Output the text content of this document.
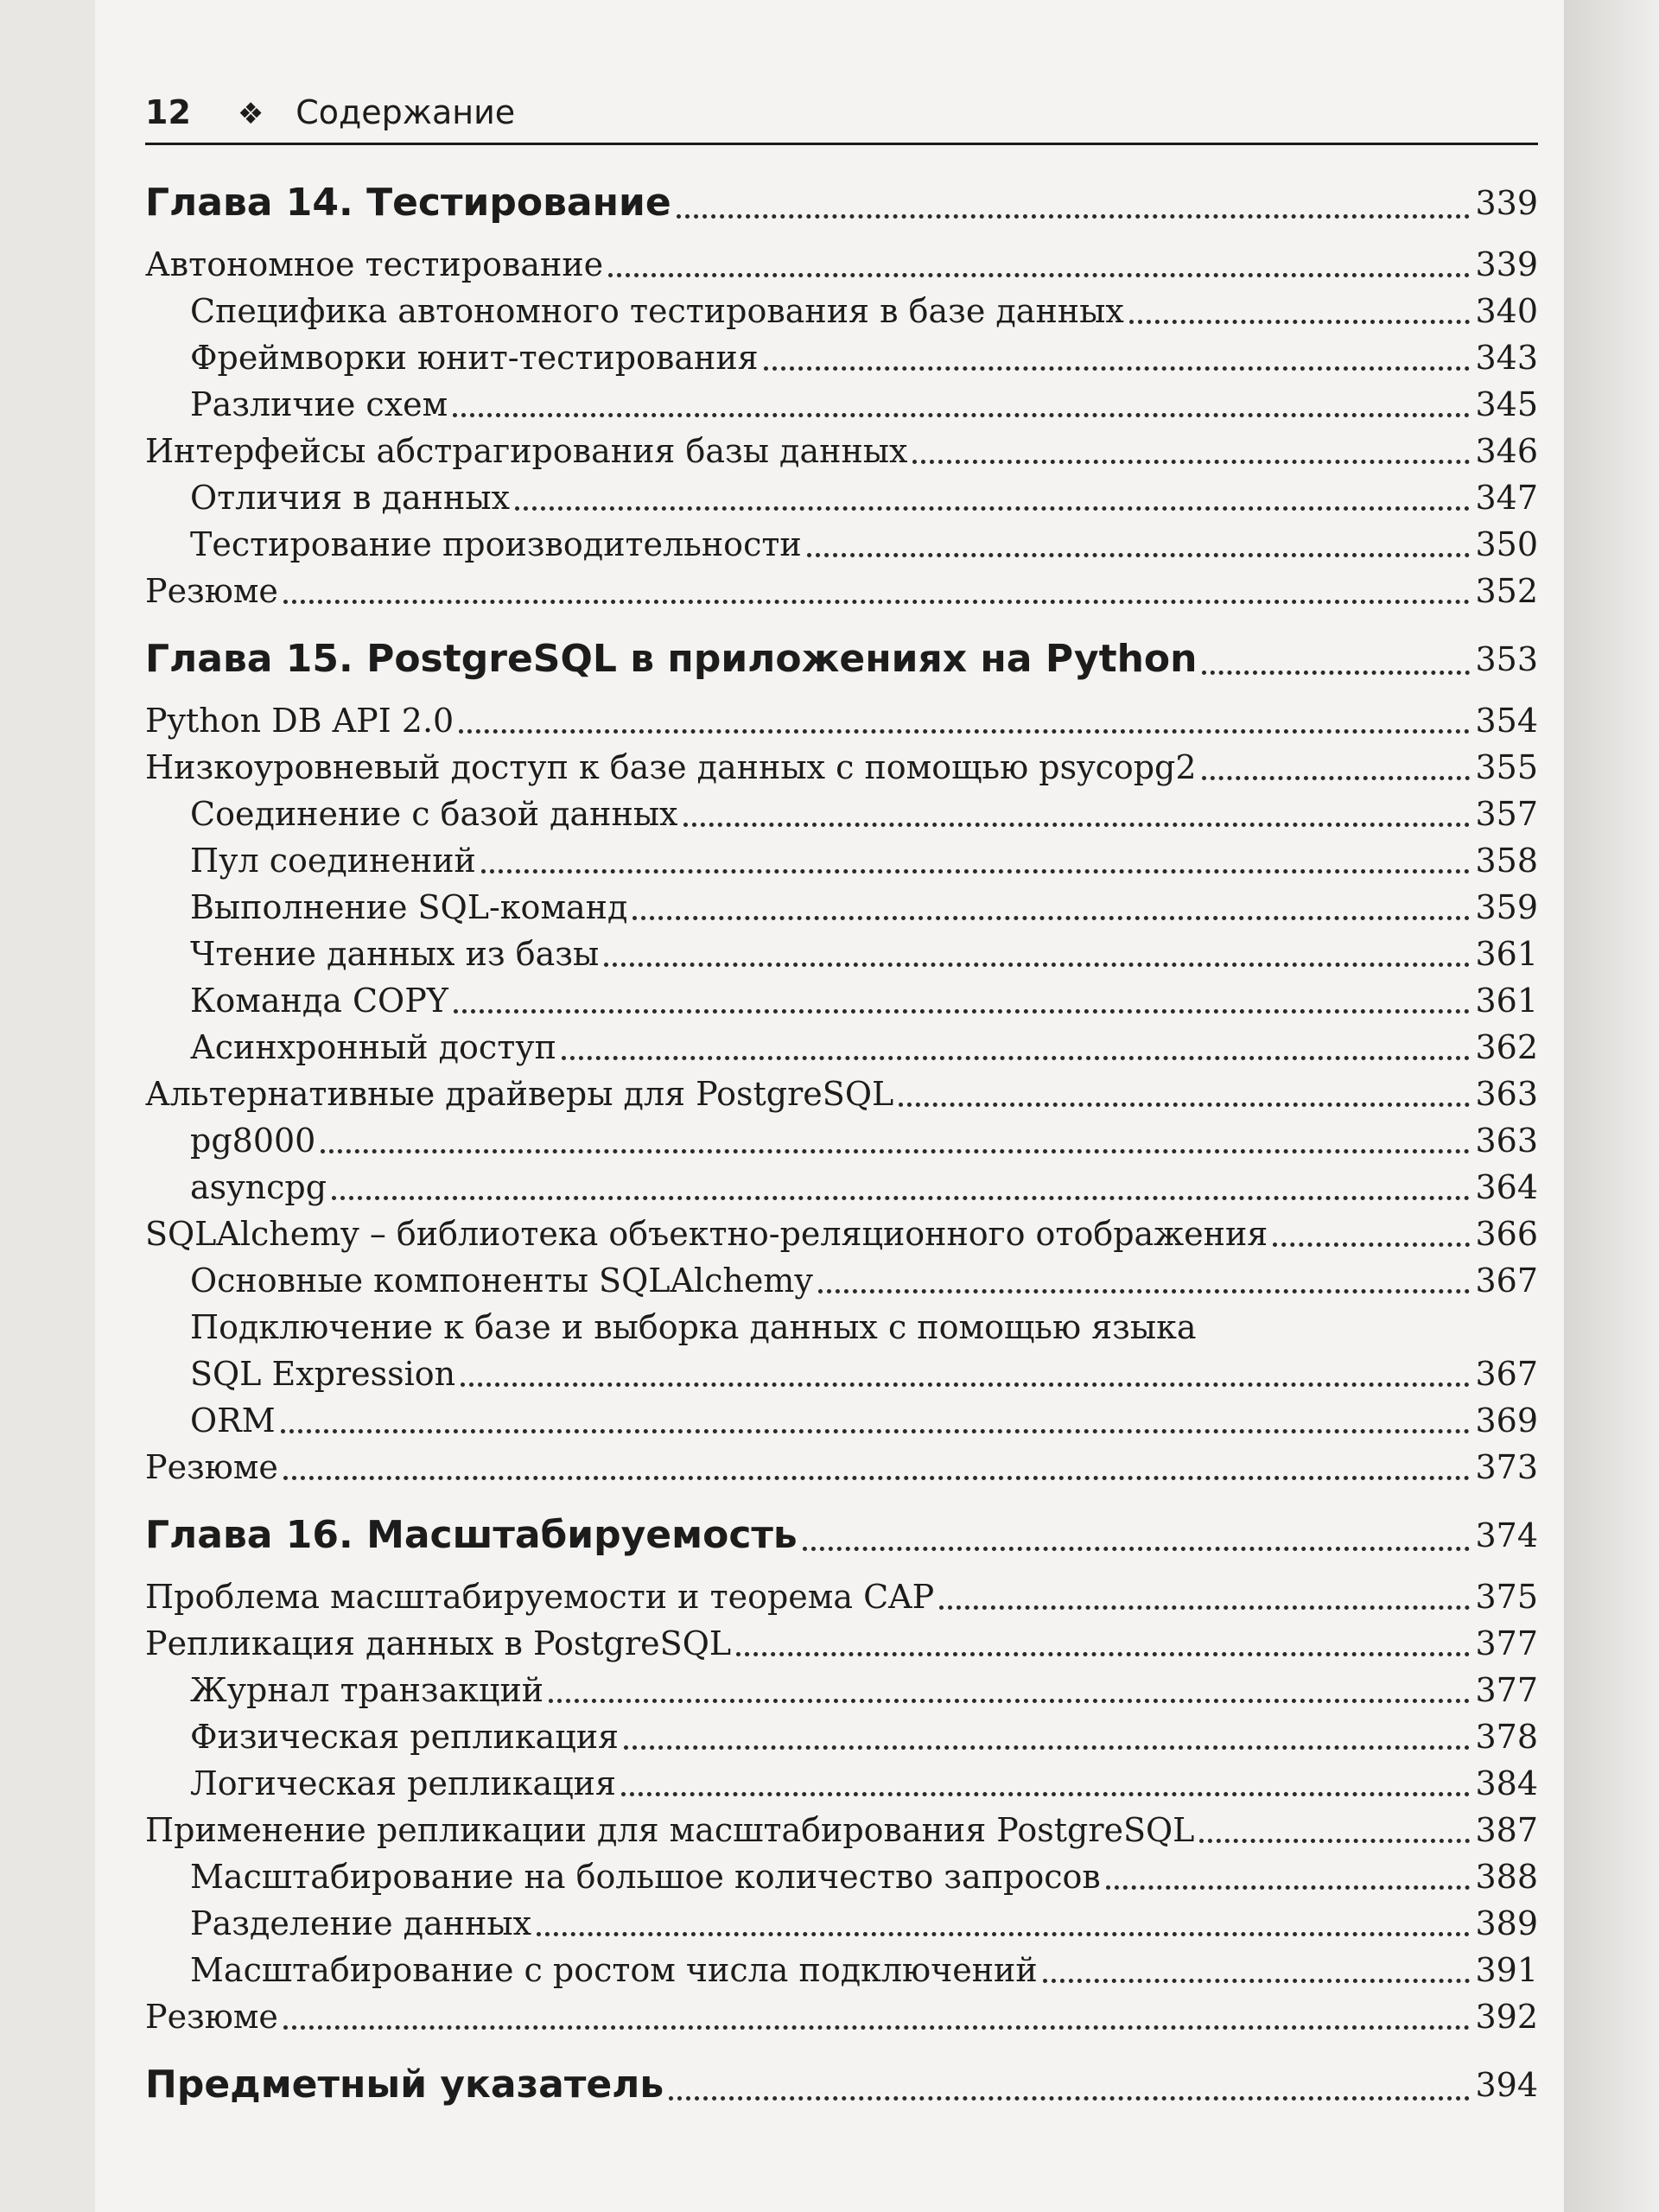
12 ❖ Содержание
Глава 14. Тестирование	339
Автономное тестирование	339
Специфика автономного тестирования в базе данных	340
Фреймворки юнит-тестирования	343
Различие схем	345
Интерфейсы абстрагирования базы данных	346
Отличия в данных	347
Тестирование производительности	350
Резюме	352
Глава 15. PostgreSQL в приложениях на Python	353
Python DB API 2.0	354
Низкоуровневый доступ к базе данных с помощью psycopg2	355
Соединение с базой данных	357
Пул соединений	358
Выполнение SQL-команд	359
Чтение данных из базы	361
Команда COPY	361
Асинхронный доступ	362
Альтернативные драйверы для PostgreSQL	363
pg8000	363
asyncpg	364
SQLAlchemy – библиотека объектно-реляционного отображения	366
Основные компоненты SQLAlchemy	367
Подключение к базе и выборка данных с помощью языка
SQL Expression	367
ORM	369
Резюме	373
Глава 16. Масштабируемость	374
Проблема масштабируемости и теорема CAP	375
Репликация данных в PostgreSQL	377
Журнал транзакций	377
Физическая репликация	378
Логическая репликация	384
Применение репликации для масштабирования PostgreSQL	387
Масштабирование на большое количество запросов	388
Разделение данных	389
Масштабирование с ростом числа подключений	391
Резюме	392
Предметный указатель	394
